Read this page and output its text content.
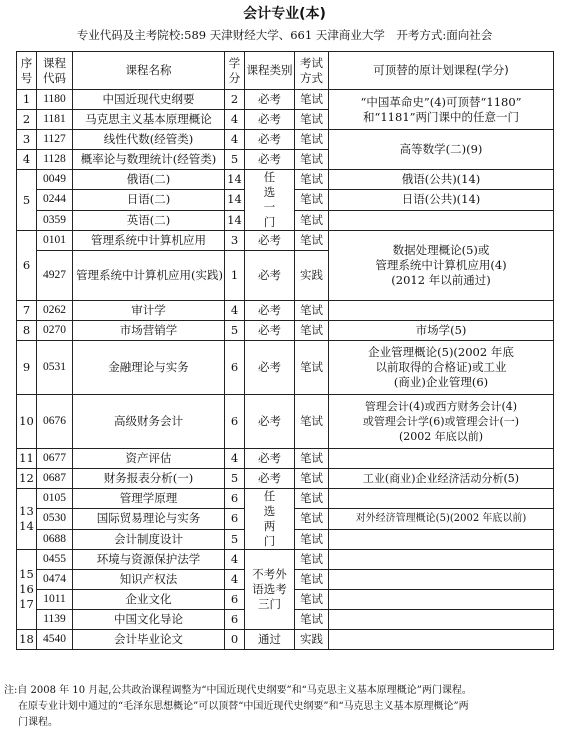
会计专业(本)
专业代码及主考院校:589 天津财经大学、661 天津商业大学　开考方式:面向社会
序号	课程代码	课程名称	学分	课程类别	考试方式	可顶替的原计划课程(学分)
1	1180	中国近现代史纲要	2	必考	笔试	“中国革命史”(4)可顶替“1180”
和“1181”两门课中的任意一门

2	1181	马克思主义基本原理概论	4	必考	笔试	
3	1127	线性代数(经管类)	4	必考	笔试	高等数学(二)(9)
4	1128	概率论与数理统计(经管类)	5	必考	笔试	
5	0049	俄语(二)	14	任选一门	笔试	俄语(公共)(14)
	0244	日语(二)	14		笔试	日语(公共)(14)
	0359	英语(二)	14		笔试	
6	0101	管理系统中计算机应用	3	必考	笔试	数据处理概论(5)或
管理系统中计算机应用(4)
(2012 年以前通过)

	4927	管理系统中计算机应用(实践)	1	必考	实践	
7	0262	审计学	4	必考	笔试	
8	0270	市场营销学	5	必考	笔试	市场学(5)
9	0531	金融理论与实务	6	必考	笔试	企业管理概论(5)(2002 年底
以前取得的合格证)或工业
(商业)企业管理(6)

10	0676	高级财务会计	6	必考	笔试	管理会计(4)或西方财务会计(4)
或管理会计学(6)或管理会计(一)
(2002 年底以前)

11	0677	资产评估	4	必考	笔试	
12	0687	财务报表分析(一)	5	必考	笔试	工业(商业)企业经济活动分析(5)
13 14	0105	管理学原理	6	任选两门	笔试	
	0530	国际贸易理论与实务	6		笔试	对外经济管理概论(5)(2002 年底以前)
	0688	会计制度设计	5		笔试	
15 16 17	0455	环境与资源保护法学	4	不考外语选考三门	笔试	
	0474	知识产权法	4		笔试	
	1011	企业文化	6		笔试	
	1139	中国文化导论	6		笔试	
18	4540	会计毕业论文	0	通过	实践	
注:自 2008 年 10 月起,公共政治课程调整为“中国近现代史纲要”和“马克思主义基本原理概论”两门课程。
在原专业计划中通过的“毛泽东思想概论”可以顶替“中国近现代史纲要”和“马克思主义基本原理概论”两
门课程。
